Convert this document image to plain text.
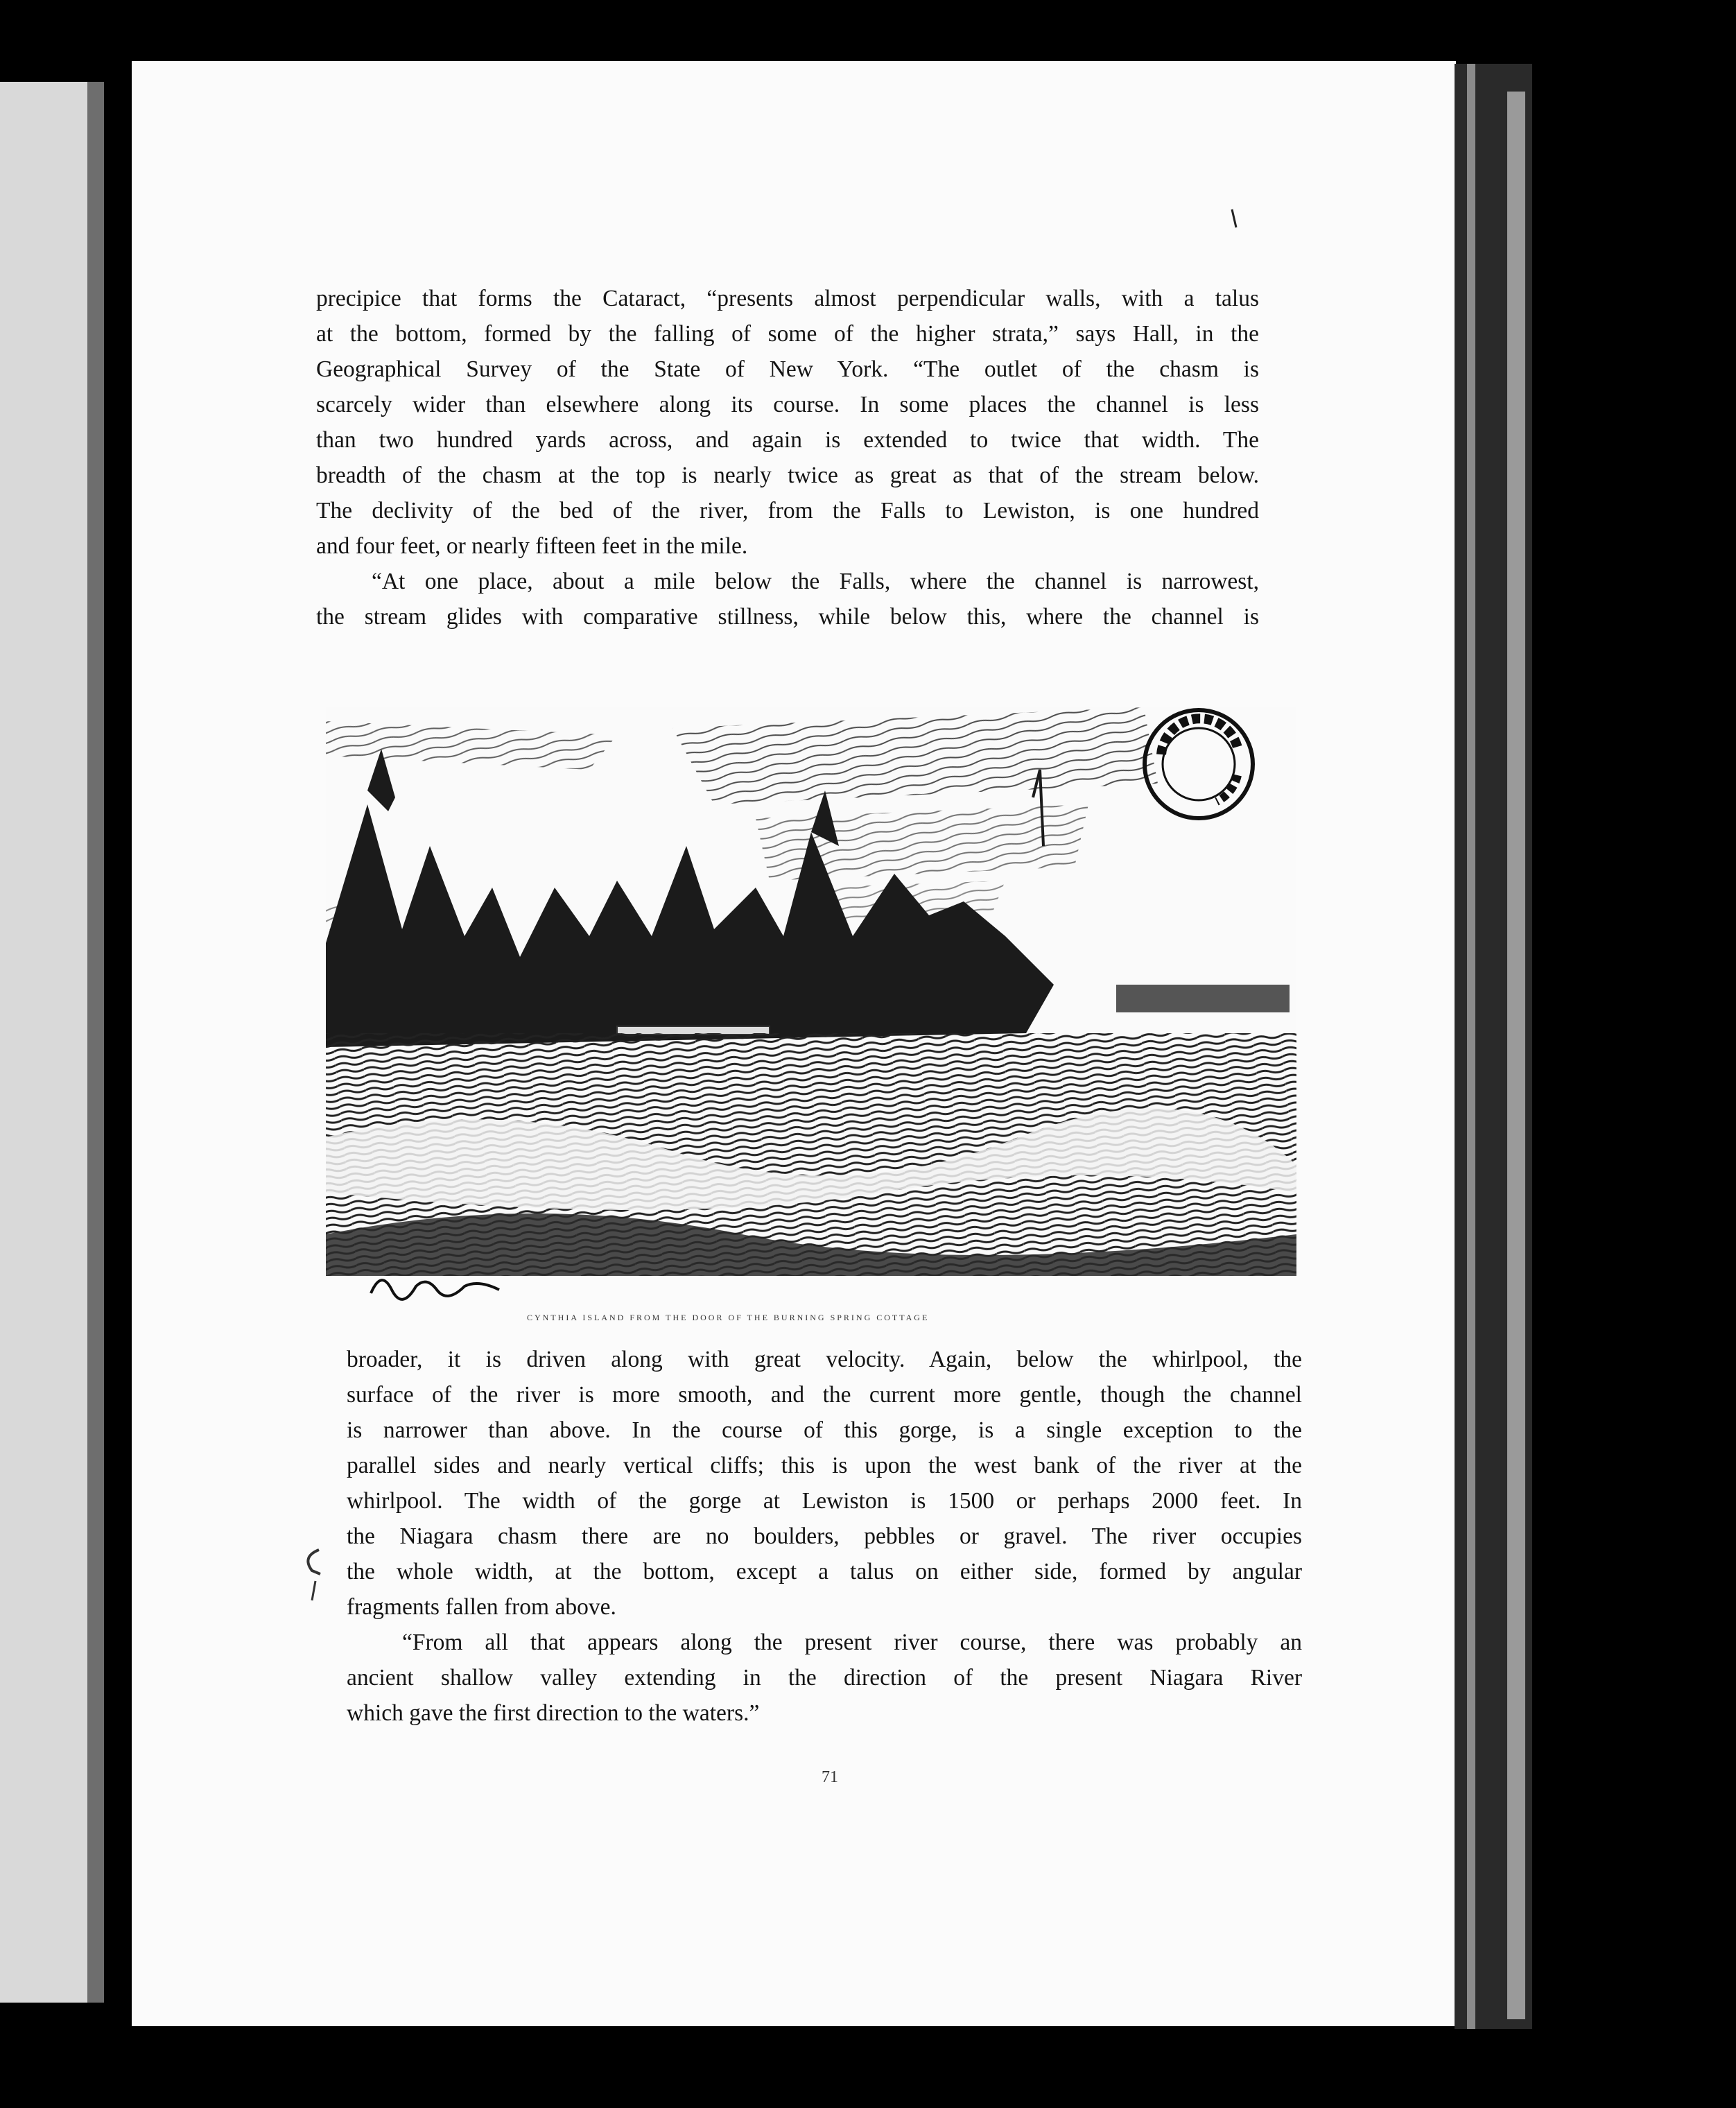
precipice that forms the Cataract, “presents almost perpendicular walls, with a talus

at the bottom, formed by the falling of some of the higher strata,” says Hall, in the

Geographical Survey of the State of New York. “The outlet of the chasm is

scarcely wider than elsewhere along its course. In some places the channel is less

than two hundred yards across, and again is extended to twice that width. The

breadth of the chasm at the top is nearly twice as great as that of the stream below.

The declivity of the bed of the river, from the Falls to Lewiston, is one hundred

and four feet, or nearly fifteen feet in the mile.

“At one place, about a mile below the Falls, where the channel is narrowest,

the stream glides with comparative stillness, while below this, where the channel is

CYNTHIA ISLAND FROM THE DOOR OF THE BURNING SPRING COTTAGE

broader, it is driven along with great velocity. Again, below the whirlpool, the

surface of the river is more smooth, and the current more gentle, though the channel

is narrower than above. In the course of this gorge, is a single exception to the

parallel sides and nearly vertical cliffs; this is upon the west bank of the river at the

whirlpool. The width of the gorge at Lewiston is 1500 or perhaps 2000 feet. In

the Niagara chasm there are no boulders, pebbles or gravel. The river occupies

the whole width, at the bottom, except a talus on either side, formed by angular

fragments fallen from above.

“From all that appears along the present river course, there was probably an

ancient shallow valley extending in the direction of the present Niagara River

which gave the first direction to the waters.”

71
